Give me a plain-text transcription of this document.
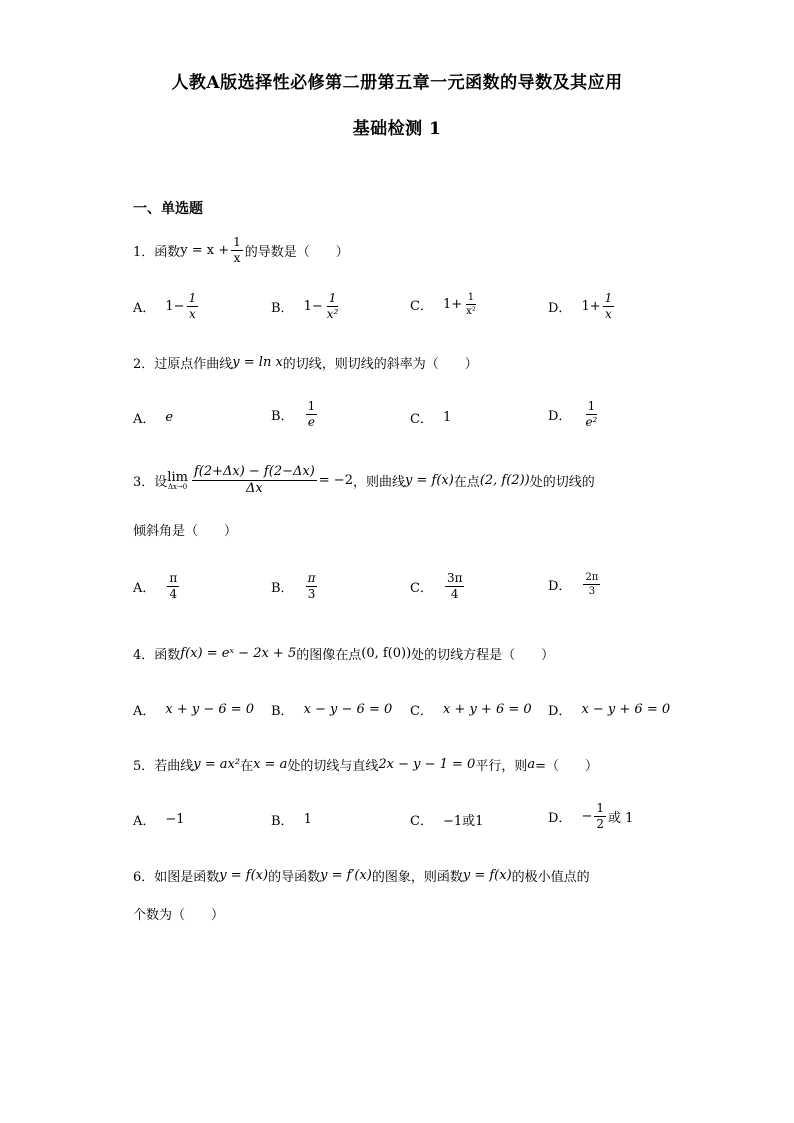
人教A版选择性必修第二册第五章一元函数的导数及其应用
基础检测 1
一、单选题
1．函数 $y = x + \frac{1}{x}$ 的导数是（　　）
A． $1- \frac{1}{x}$	B． $1- \frac{1}{\text{x²}}$	C． $1+ \frac{1}{\text{x²}}$	D． $1+ \frac{1}{x}$
2．过原点作曲线 y = ln x 的切线，则切线的斜率为（　　）
A． e	B． $\frac{1}{e}$	C． 1	D． $\frac{1}{\text{e²}}$
3．设 lim
$\Delta x\to 0 \frac{f(2+\Delta x) - f(2-\Delta x)}{\Delta x} = -2$ ，则曲线 y = f(x) 在点 (2, f(2)) 处的切线的
倾斜角是（　　）
A． $\frac{\pi}{4}$	B． $\frac{\pi}{3}$	C． $\frac{3\pi}{4}$	D． $\frac{2\pi}{3}$
4．函数 f(x) = eˣ − 2x + 5 的图像在点 (0, f(0)) 处的切线方程是（　　）
A． x + y − 6 = 0 B． x − y − 6 = 0 C． x + y + 6 = 0 D． x − y + 6 = 0
5．若曲线 y = ax² 在 x = a 处的切线与直线 2x − y − 1 = 0 平行，则 a =（　　）
A． −1	B． 1	C． −1或1	D． − $\frac{1}{2}$ 或 1
6．如图是函数 y = f(x) 的导函数 y = f′(x) 的图象，则函数 y = f(x) 的极小值点的
个数为（　　）
